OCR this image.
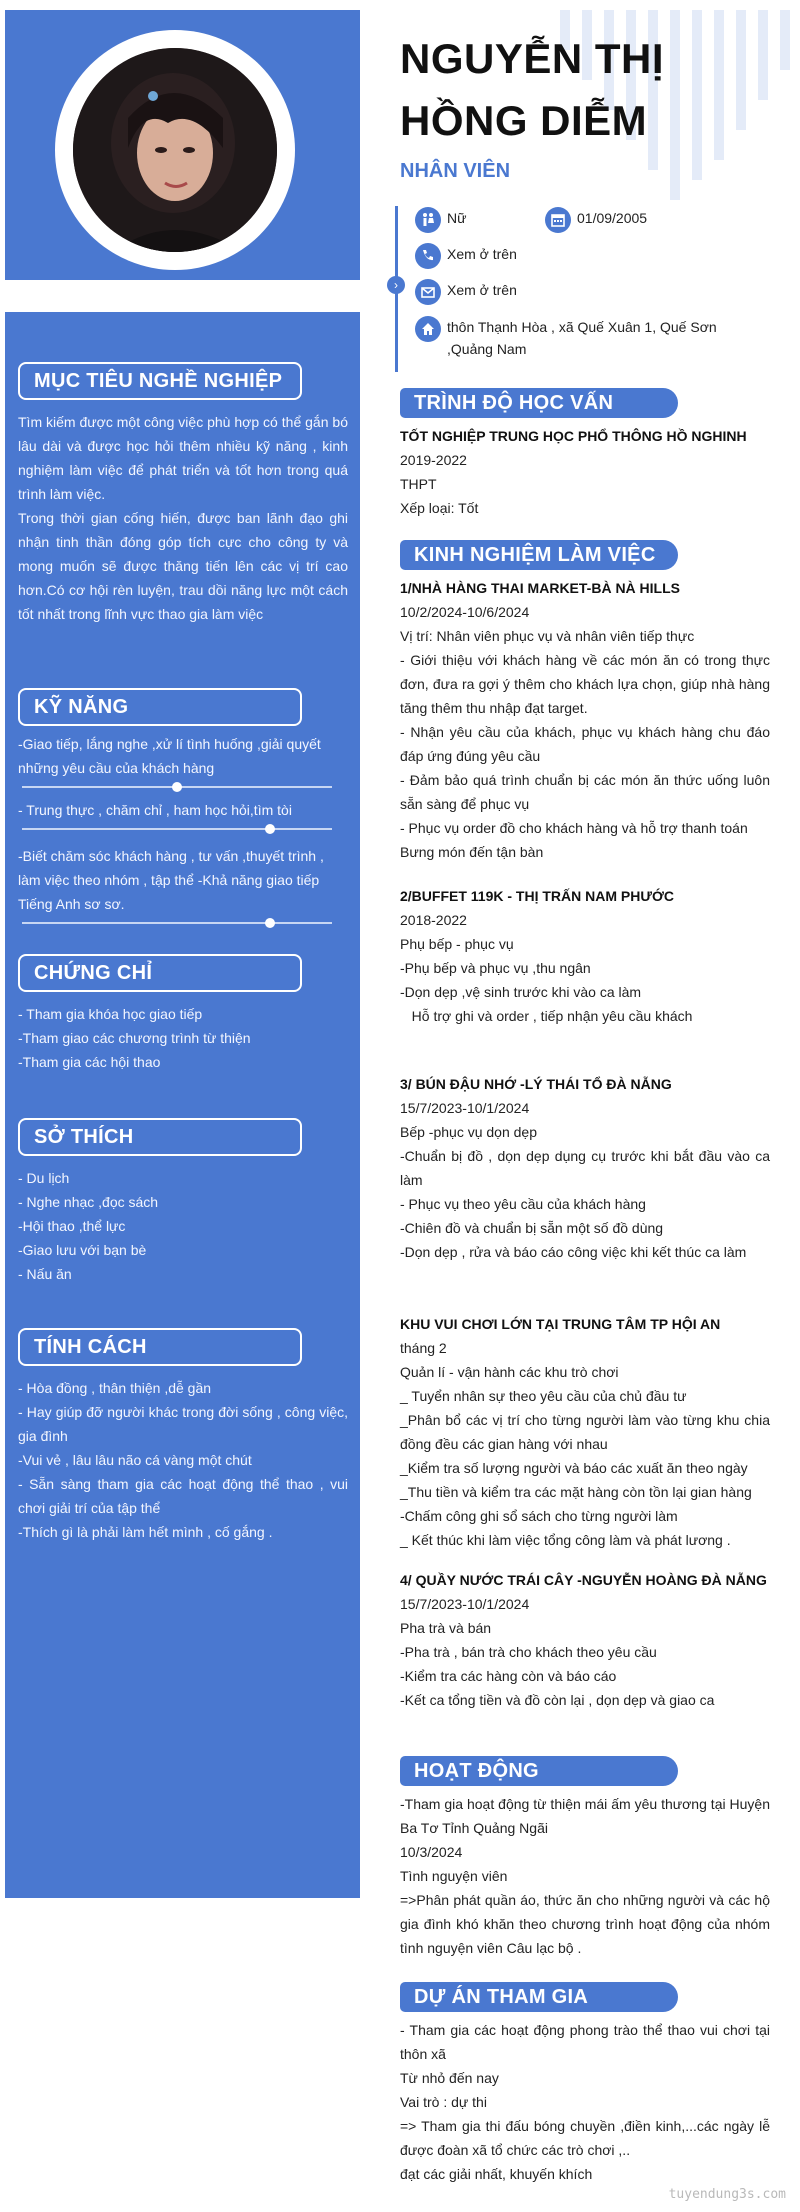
MỤC TIÊU NGHỀ NGHIỆP

Tìm kiếm được một công việc phù hợp có thể gắn bó lâu dài và được học hỏi thêm nhiều kỹ năng , kinh nghiệm làm việc để phát triển và tốt hơn trong quá trình làm việc.

Trong thời gian cống hiến, được ban lãnh đạo ghi nhận tinh thần đóng góp tích cực cho công ty và mong muốn sẽ được thăng tiến lên các vị trí cao hơn.Có cơ hội rèn luyện, trau dồi năng lực một cách tốt nhất trong lĩnh vực thao gia làm việc

KỸ NĂNG
-Giao tiếp, lắng nghe ,xử lí tình huống ,giải quyết những yêu cầu của khách hàng
- Trung thực , chăm chỉ , ham học hỏi,tìm tòi
-Biết chăm sóc khách hàng , tư vấn ,thuyết trình , làm việc theo nhóm , tập thể -Khả năng giao tiếp Tiếng Anh sơ sơ.
CHỨNG CHỈ
- Tham gia khóa học giao tiếp
-Tham giao các chương trình từ thiện
-Tham gia các hội thao
SỞ THÍCH
- Du lịch
- Nghe nhạc ,đọc sách
-Hội thao ,thể lực
-Giao lưu với bạn bè
- Nấu ăn
TÍNH CÁCH
- Hòa đồng , thân thiện ,dễ gần
- Hay giúp đỡ người khác trong đời sống , công việc, gia đình
-Vui vẻ , lâu lâu não cá vàng một chút
- Sẵn sàng tham gia các hoạt động thể thao , vui chơi giải trí của tập thể
-Thích gì là phải làm hết mình , cố gắng .
NGUYỄN THỊ
HỒNG DIỄM
NHÂN VIÊN
›
Nữ	01/09/2005
Xem ở trên
Xem ở trên
thôn Thạnh Hòa , xã Quế Xuân 1, Quế Sơn
,Quảng Nam
TRÌNH ĐỘ HỌC VẤN

TỐT NGHIỆP TRUNG HỌC PHỔ THÔNG HỒ NGHINH

2019-2022

THPT

Xếp loại: Tốt

KINH NGHIỆM LÀM VIỆC

1/NHÀ HÀNG THAI MARKET-BÀ NÀ HILLS

10/2/2024-10/6/2024

Vị trí: Nhân viên phục vụ và nhân viên tiếp thực

- Giới thiệu với khách hàng về các món ăn có trong thực đơn, đưa ra gợi ý thêm cho khách lựa chọn, giúp nhà hàng tăng thêm thu nhập đạt target.

- Nhận yêu cầu của khách, phục vụ khách hàng chu đáo đáp ứng đúng yêu cầu

- Đảm bảo quá trình chuẩn bị các món ăn thức uống luôn sẵn sàng để phục vụ

- Phục vụ order đồ cho khách hàng và hỗ trợ thanh toán

Bưng món đến tận bàn

2/BUFFET 119K - THỊ TRẤN NAM PHƯỚC

2018-2022

Phụ bếp - phục vụ

-Phụ bếp và phục vụ ,thu ngân

-Dọn dẹp ,vệ sinh trước khi vào ca làm

Hỗ trợ ghi và order , tiếp nhận yêu cầu khách

3/ BÚN ĐẬU NHỚ -LÝ THÁI TỔ ĐÀ NẴNG

15/7/2023-10/1/2024

Bếp -phục vụ dọn dẹp

-Chuẩn bị đồ , dọn dẹp dụng cụ trước khi bắt đầu vào ca làm

- Phục vụ theo yêu cầu của khách hàng

-Chiên đồ và chuẩn bị sẵn một số đồ dùng

-Dọn dẹp , rửa và báo cáo công việc khi kết thúc ca làm

KHU VUI CHƠI LỚN TẠI TRUNG TÂM TP HỘI AN

tháng 2

Quản lí - vận hành các khu trò chơi

_ Tuyển nhân sự theo yêu cầu của chủ đầu tư

_Phân bổ các vị trí cho từng người làm vào từng khu chia đồng đều các gian hàng với nhau

_Kiểm tra số lượng người và báo các xuất ăn theo ngày

_Thu tiền và kiểm tra các mặt hàng còn tồn lại gian hàng

-Chấm công ghi sổ sách cho từng người làm

_ Kết thúc khi làm việc tổng công làm và phát lương .

4/ QUẦY NƯỚC TRÁI CÂY -NGUYỄN HOÀNG ĐÀ NẴNG

15/7/2023-10/1/2024

Pha trà và bán

-Pha trà , bán trà cho khách theo yêu cầu

-Kiểm tra các hàng còn và báo cáo

-Kết ca tổng tiền và đồ còn lại , dọn dẹp và giao ca

HOẠT ĐỘNG

-Tham gia hoạt động từ thiện mái ấm yêu thương tại Huyện Ba Tơ Tỉnh Quảng Ngãi

10/3/2024

Tình nguyện viên

=>Phân phát quần áo, thức ăn cho những người và các hộ gia đình khó khăn theo chương trình hoạt động của nhóm tình nguyện viên Câu lạc bộ .

DỰ ÁN THAM GIA

- Tham gia các hoạt động phong trào thể thao vui chơi tại thôn xã

Từ nhỏ đến nay

Vai trò : dự thi

=> Tham gia thi đấu bóng chuyền ,điền kinh,...các ngày lễ được đoàn xã tổ chức các trò chơi ,..

đạt các giải nhất, khuyến khích

tuyendung3s.com
